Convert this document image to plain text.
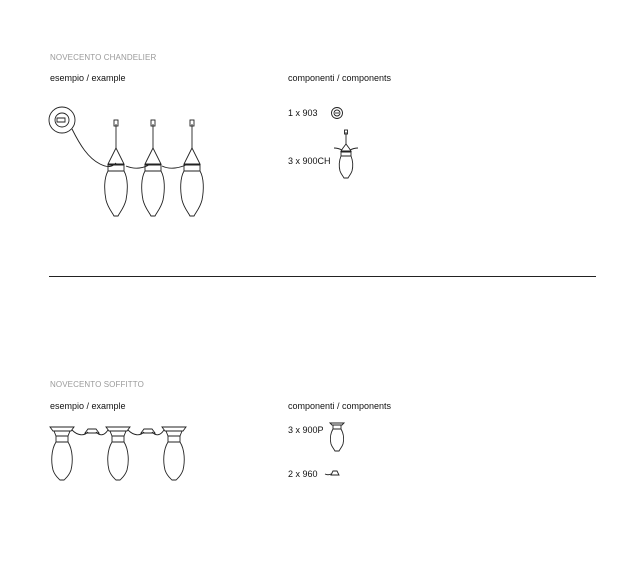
NOVECENTO CHANDELIER
esempio / example	componenti / components
1 x 903
3 x 900CH
NOVECENTO SOFFITTO
esempio / example	componenti / components
3 x 900P
2 x 960
